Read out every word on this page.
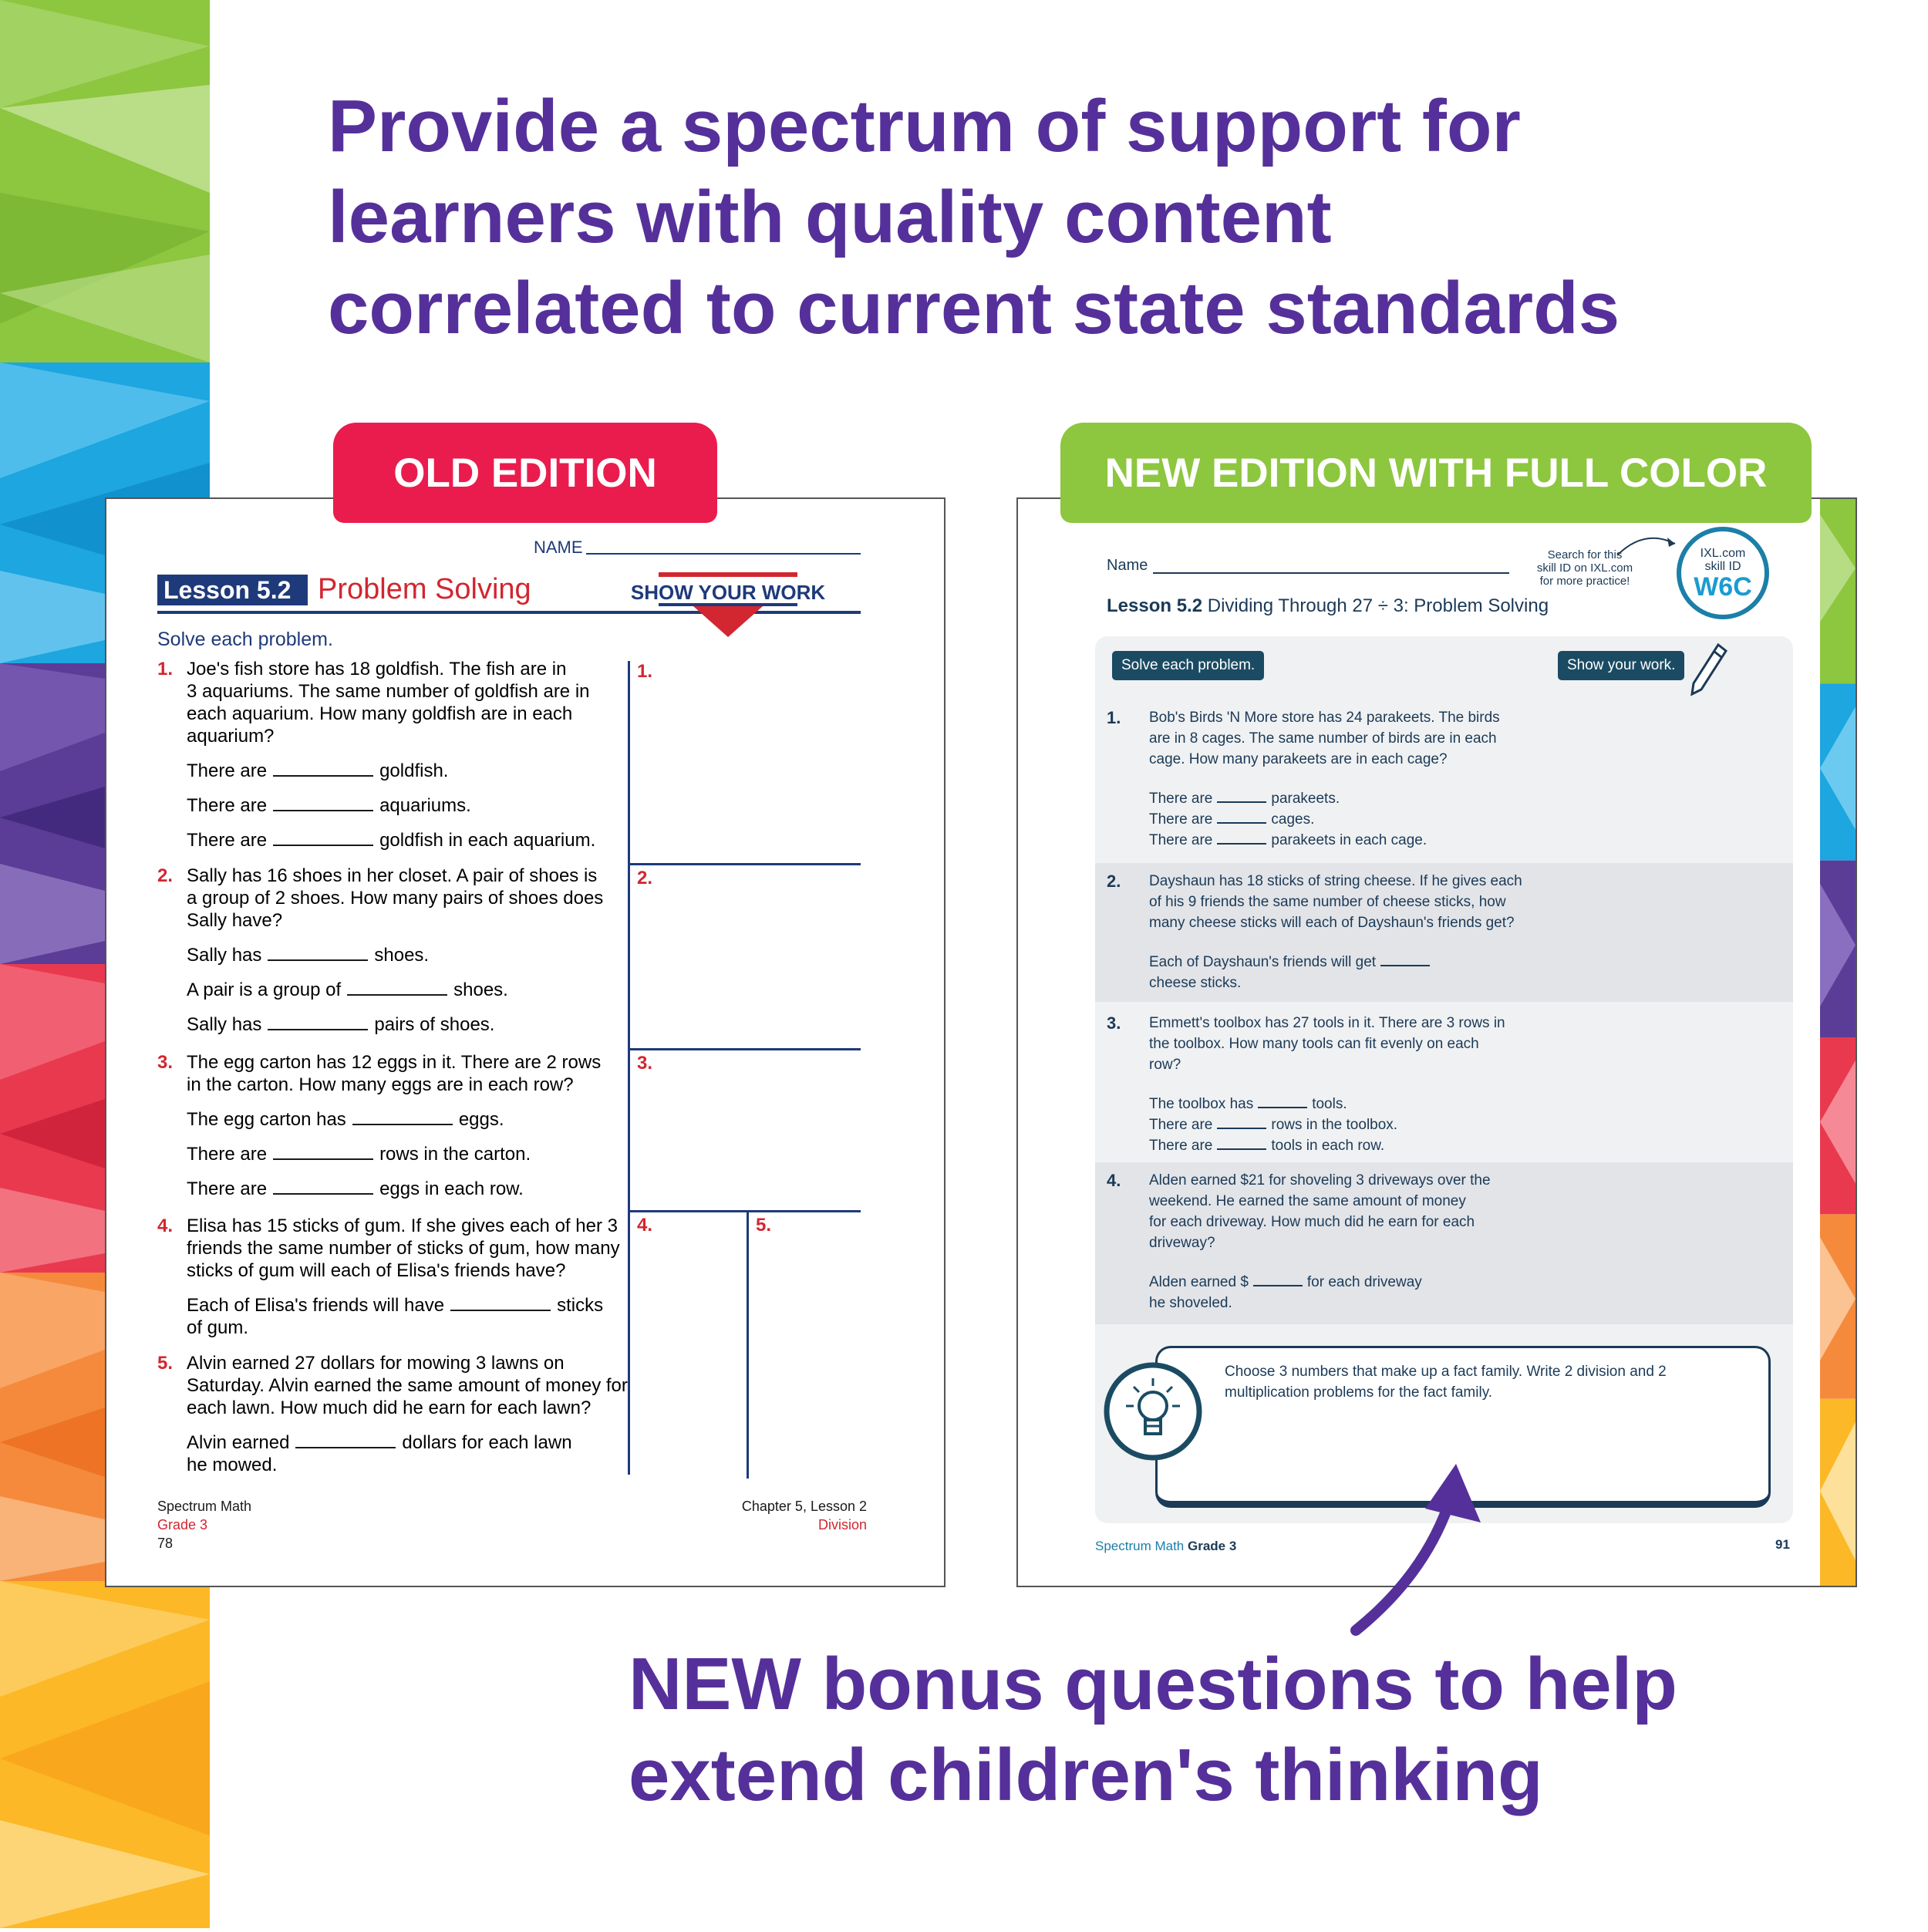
Provide a spectrum of support for
learners with quality content
correlated to current state standards
NAME
Lesson 5.2 Problem Solving	SHOW YOUR WORK
Solve each problem.
1. Joe's fish store has 18 goldfish. The fish are in
3 aquariums. The same number of goldfish are in
each aquarium. How many goldfish are in each
aquarium?
There are	goldfish.
There are	aquariums.
There are	goldfish in each aquarium.
2. Sally has 16 shoes in her closet. A pair of shoes is
a group of 2 shoes. How many pairs of shoes does
Sally have?
Sally has	shoes.
A pair is a group of	shoes.
Sally has	pairs of shoes.
3. The egg carton has 12 eggs in it. There are 2 rows
in the carton. How many eggs are in each row?
The egg carton has	eggs.
There are	rows in the carton.
There are	eggs in each row.
4. Elisa has 15 sticks of gum. If she gives each of her 3
friends the same number of sticks of gum, how many
sticks of gum will each of Elisa's friends have?
Each of Elisa's friends will have	sticks
of gum.
5. Alvin earned 27 dollars for mowing 3 lawns on
Saturday. Alvin earned the same amount of money for
each lawn. How much did he earn for each lawn?
Alvin earned	dollars for each lawn
he mowed.
1.
2.
3.
4.	5.
Spectrum Math
Grade 3
78
Chapter 5, Lesson 2
Division
Name
Search for this
skill ID on IXL.com
for more practice!
IXL.com
skill ID
W6C
Lesson 5.2 Dividing Through 27 ÷ 3: Problem Solving
Solve each problem.	Show your work.
1. Bob's Birds 'N More store has 24 parakeets. The birds
are in 8 cages. The same number of birds are in each
cage. How many parakeets are in each cage?
There are	parakeets.
There are	cages.
There are	parakeets in each cage.
2. Dayshaun has 18 sticks of string cheese. If he gives each
of his 9 friends the same number of cheese sticks, how
many cheese sticks will each of Dayshaun's friends get?
Each of Dayshaun's friends will get
cheese sticks.
3. Emmett's toolbox has 27 tools in it. There are 3 rows in
the toolbox. How many tools can fit evenly on each
row?
The toolbox has	tools.
There are	rows in the toolbox.
There are	tools in each row.
4. Alden earned $21 for shoveling 3 driveways over the
weekend. He earned the same amount of money
for each driveway. How much did he earn for each
driveway?
Alden earned $	for each driveway
he shoveled.
Choose 3 numbers that make up a fact family. Write 2 division and 2
multiplication problems for the fact family.
Spectrum Math Grade 3	91
OLD EDITION	NEW EDITION WITH FULL COLOR
NEW bonus questions to help
extend children's thinking
